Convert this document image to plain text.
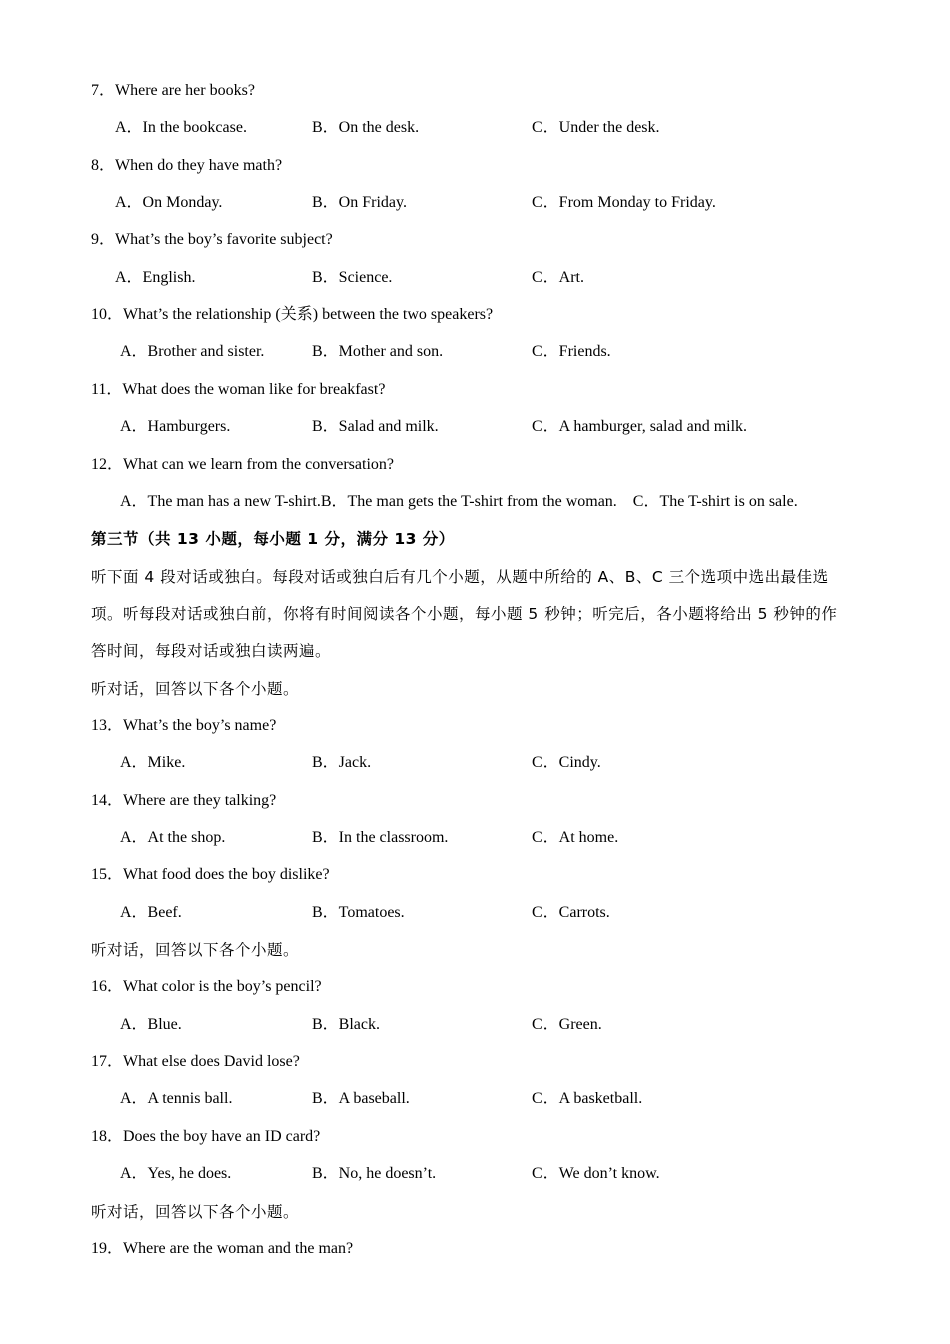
7．Where are her books?
A．In the bookcase.	B．On the desk.	C．Under the desk.
8．When do they have math?
A．On Monday.	B．On Friday.	C．From Monday to Friday.
9．What’s the boy’s favorite subject?
A．English.	B．Science.	C．Art.
10．What’s the relationship (关系) between the two speakers?
A．Brother and sister.	B．Mother and son.	C．Friends.
11．What does the woman like for breakfast?
A．Hamburgers.	B．Salad and milk.	C．A hamburger, salad and milk.
12．What can we learn from the conversation?
A．The man has a new T-shirt.B．The man gets the T-shirt from the woman.    C．The T-shirt is on sale.
第三节（共 13 小题，每小题 1 分，满分 13 分）
听下面 4 段对话或独白。每段对话或独白后有几个小题，从题中所给的 A、B、C 三个选项中选出最佳选
项。听每段对话或独白前，你将有时间阅读各个小题，每小题 5 秒钟；听完后，各小题将给出 5 秒钟的作
答时间，每段对话或独白读两遍。
听对话，回答以下各个小题。
13．What’s the boy’s name?
A．Mike.	B．Jack.	C．Cindy.
14．Where are they talking?
A．At the shop.	B．In the classroom.	C．At home.
15．What food does the boy dislike?
A．Beef.	B．Tomatoes.	C．Carrots.
听对话，回答以下各个小题。
16．What color is the boy’s pencil?
A．Blue.	B．Black.	C．Green.
17．What else does David lose?
A．A tennis ball.	B．A baseball.	C．A basketball.
18．Does the boy have an ID card?
A．Yes, he does.	B．No, he doesn’t.	C．We don’t know.
听对话，回答以下各个小题。
19．Where are the woman and the man?
